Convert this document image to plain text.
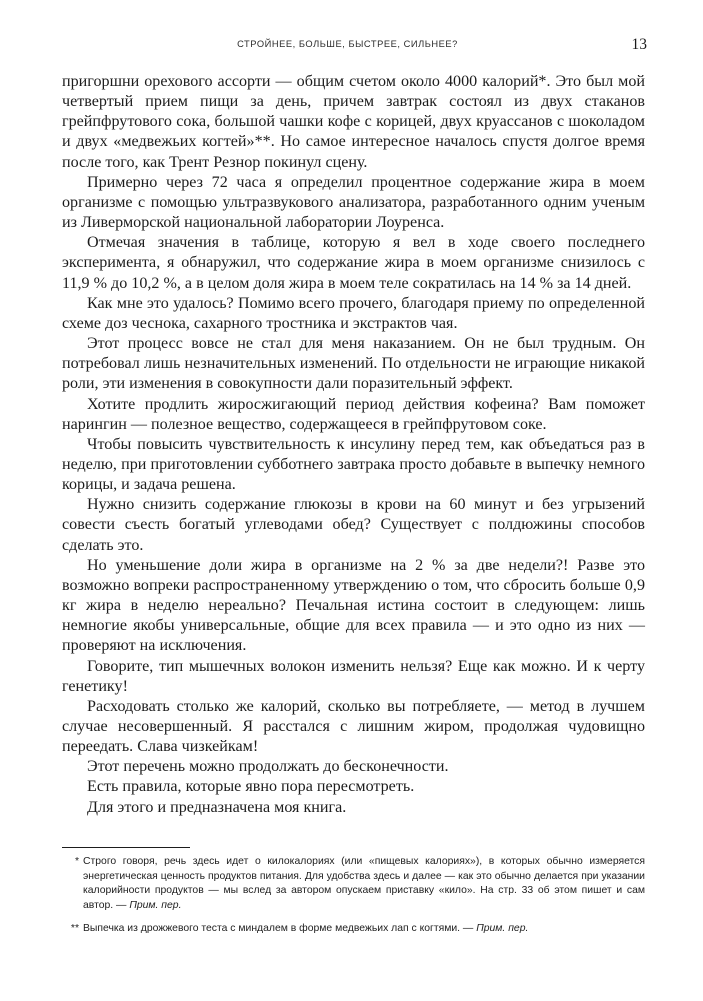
СТРОЙНЕЕ, БОЛЬШЕ, БЫСТРЕЕ, СИЛЬНЕЕ?	13

пригоршни орехового ассорти — общим счетом около 4000 калорий*. Это был мой четвертый прием пищи за день, причем завтрак состоял из двух стаканов грейпфрутового сока, большой чашки кофе с корицей, двух круассанов с шоколадом и двух «медвежьих когтей»**. Но самое интересное началось спустя долгое время после того, как Трент Резнор покинул сцену.

Примерно через 72 часа я определил процентное содержание жира в моем организме с помощью ультразвукового анализатора, разработанного одним ученым из Ливерморской национальной лаборатории Лоуренса.

Отмечая значения в таблице, которую я вел в ходе своего последнего эксперимента, я обнаружил, что содержание жира в моем организме снизилось с 11,9 % до 10,2 %, а в целом доля жира в моем теле сократилась на 14 % за 14 дней.

Как мне это удалось? Помимо всего прочего, благодаря приему по определенной схеме доз чеснока, сахарного тростника и экстрактов чая.

Этот процесс вовсе не стал для меня наказанием. Он не был трудным. Он потребовал лишь незначительных изменений. По отдельности не играющие никакой роли, эти изменения в совокупности дали поразительный эффект.

Хотите продлить жиросжигающий период действия кофеина? Вам поможет нарингин — полезное вещество, содержащееся в грейпфрутовом соке.

Чтобы повысить чувствительность к инсулину перед тем, как объедаться раз в неделю, при приготовлении субботнего завтрака просто добавьте в выпечку немного корицы, и задача решена.

Нужно снизить содержание глюкозы в крови на 60 минут и без угрызений совести съесть богатый углеводами обед? Существует с полдюжины способов сделать это.

Но уменьшение доли жира в организме на 2 % за две недели?! Разве это возможно вопреки распространенному утверждению о том, что сбросить больше 0,9 кг жира в неделю нереально? Печальная истина состоит в следующем: лишь немногие якобы универсальные, общие для всех правила — и это одно из них — проверяют на исключения.

Говорите, тип мышечных волокон изменить нельзя? Еще как можно. И к черту генетику!

Расходовать столько же калорий, сколько вы потребляете, — метод в лучшем случае несовершенный. Я расстался с лишним жиром, продолжая чудовищно переедать. Слава чизкейкам!

Этот перечень можно продолжать до бесконечности.

Есть правила, которые явно пора пересмотреть.

Для этого и предназначена моя книга.

* Строго говоря, речь здесь идет о килокалориях (или «пищевых калориях»), в которых обычно измеряется энергетическая ценность продуктов питания. Для удобства здесь и далее — как это обычно делается при указании калорийности продуктов — мы вслед за автором опускаем приставку «кило». На стр. 33 об этом пишет и сам автор. — Прим. пер.

** Выпечка из дрожжевого теста с миндалем в форме медвежьих лап с когтями. — Прим. пер.
